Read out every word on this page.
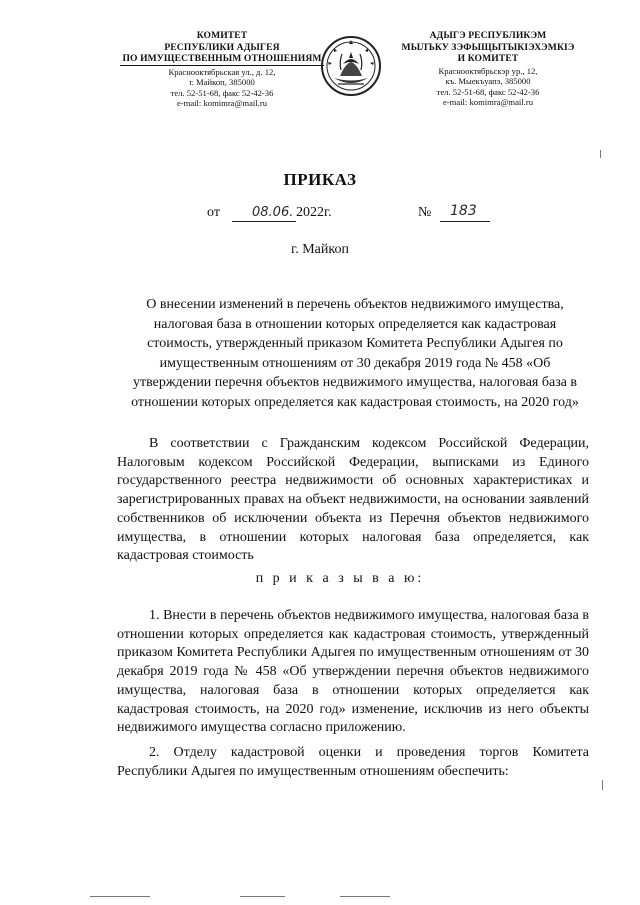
КОМИТЕТ
РЕСПУБЛИКИ АДЫГЕЯ
ПО ИМУЩЕСТВЕННЫМ ОТНОШЕНИЯМ
Краснооктябрьская ул., д. 12,
г. Майкоп, 385000
тел. 52-51-68, факс 52-42-36
e-mail: komimra@mail.ru
АДЫГЭ РЕСПУБЛИКЭМ
МЫЛЪКУ ЗЭФЫЩЫТЫКІЭХЭМКІЭ
И КОМИТЕТ
Краснооктябрьскэр ур., 12,
къ. Мыекъуапэ, 385000
тел. 52-51-68, факс 52-42-36
e-mail: komimra@mail.ru
ПРИКАЗ
от 08.06. 2022г.	№ 183
г. Майкоп
О внесении изменений в перечень объектов недвижимого имущества, налоговая база в отношении которых определяется как кадастровая стоимость, утвержденный приказом Комитета Республики Адыгея по имущественным отношениям от 30 декабря 2019 года № 458 «Об утверждении перечня объектов недвижимого имущества, налоговая база в отношении которых определяется как кадастровая стоимость, на 2020 год»
В соответствии с Гражданским кодексом Российской Федерации, Налоговым кодексом Российской Федерации, выписками из Единого государственного реестра недвижимости об основных характеристиках и зарегистрированных правах на объект недвижимости, на основании заявлений собственников об исключении объекта из Перечня объектов недвижимого имущества, в отношении которых налоговая база определяется, как кадастровая стоимость
п р и к а з ы в а ю:
1. Внести в перечень объектов недвижимого имущества, налоговая база в отношении которых определяется как кадастровая стоимость, утвержденный приказом Комитета Республики Адыгея по имущественным отношениям от 30 декабря 2019 года № 458 «Об утверждении перечня объектов недвижимого имущества, налоговая база в отношении которых определяется как кадастровая стоимость, на 2020 год» изменение, исключив из него объекты недвижимого имущества согласно приложению.
2. Отделу кадастровой оценки и проведения торгов Комитета Республики Адыгея по имущественным отношениям обеспечить:
